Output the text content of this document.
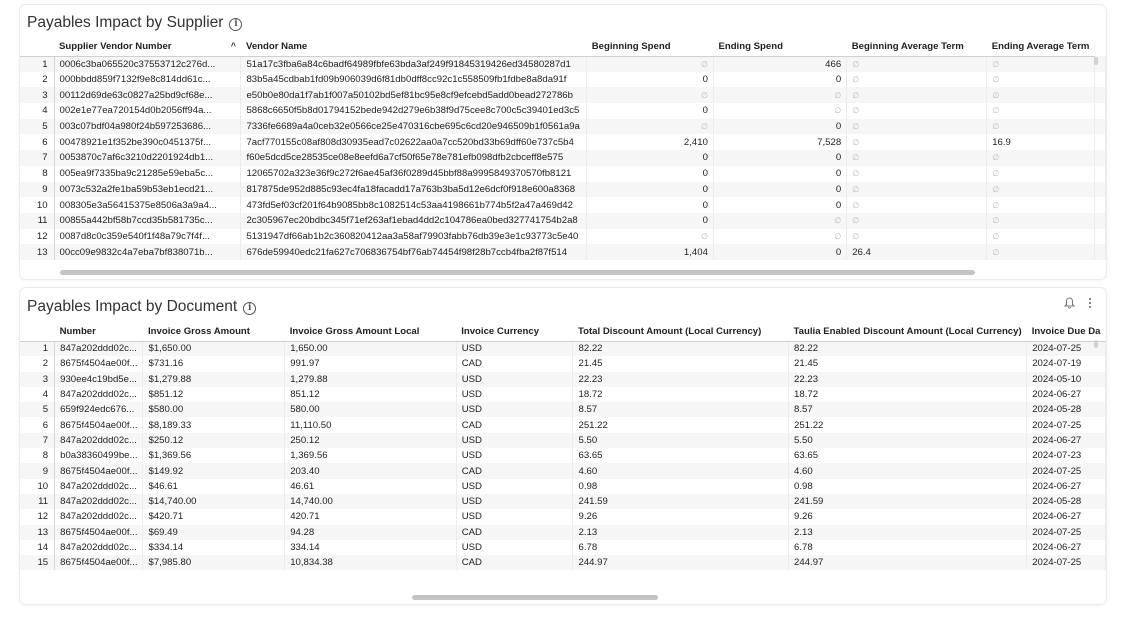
Payables Impact by Supplier i
	Supplier Vendor Number ^	Vendor Name	Beginning Spend	Ending Spend	Beginning Average Term	Ending Average Term	
1	0006c3ba065520c37553712c276d...	51a17c3fba6a84c6badf64989fbfe63bda3af249f91845319426ed34580287d1	∅	466	∅	∅	
2	000bbdd859f7132f9e8c814dd61c...	83b5a45cdbab1fd09b906039d6f81db0dff8cc92c1c558509fb1fdbe8a8da91f	0	0	∅	∅	
3	00112d69de63c0827a25bd9cf68e...	e50b0e80da1f7ab1f007a50102bd5ef81bc95e8cf9efcebd5add0bead272786b	∅	∅	∅	∅	
4	002e1e77ea720154d0b2056ff94a...	5868c6650f5b8d01794152bede942d279e6b38f9d75cee8c700c5c39401ed3c5	0	∅	∅	∅	
5	003c07bdf04a980f24b597253686...	7336fe6689a4a0ceb32e0566ce25e470316cbe695c6cd20e946509b1f0561a9a	∅	0	∅	∅	
6	00478921e1f352be390c0451375f...	7acf770155c08af808d30935ead7c02622aa0a7cc520bd33b69dff60e737c5b4	2,410	7,528	∅	16.9	
7	0053870c7af6c3210d2201924db1...	f60e5dcd5ce28535ce08e8eefd6a7cf50f65e78e781efb098dfb2cbceff8e575	0	0	∅	∅	
8	005ea9f7335ba9c21285e59eba5c...	12065702a323e36f9c272f6ae45af36f0289d45bbf88a9995849370570fb8121	0	0	∅	∅	
9	0073c532a2fe1ba59b53eb1ecd21...	817875de952d885c93ec4fa18facadd17a763b3ba5d12e6dcf0f918e600a8368	0	0	∅	∅	
10	008305e3a56415375e8506a3a9a4...	473fd5ef03cf201f64b9085bb8c1082514c53aa4198661b774b5f2a47a469d42	0	0	∅	∅	
11	00855a442bf58b7ccd35b581735c...	2c305967ec20bdbc345f71ef263af1ebad4dd2c104786ea0bed327741754b2a8	0	∅	∅	∅	
12	0087d8c0c359e540f1f48a79c7f4f...	5131947df66ab1b2c360820412aa3a58af79903fabb76db39e3e1c93773c5e40	∅	∅	∅	∅	
13	00cc09e9832c4a7eba7bf838071b...	676de59940edc21fa627c706836754bf76ab74454f98f28b7ccb4fba2f87f514	1,404	0	26.4	∅	
Payables Impact by Document i

	Number	Invoice Gross Amount	Invoice Gross Amount Local	Invoice Currency	Total Discount Amount (Local Currency)	Taulia Enabled Discount Amount (Local Currency)	Invoice Due Da
1	847a202ddd02c...	$1,650.00	1,650.00	USD	82.22	82.22	2024-07-25
2	8675f4504ae00f...	$731.16	991.97	CAD	21.45	21.45	2024-07-19
3	930ee4c19bd5e...	$1,279.88	1,279.88	USD	22.23	22.23	2024-05-10
4	847a202ddd02c...	$851.12	851.12	USD	18.72	18.72	2024-06-27
5	659f924edc676...	$580.00	580.00	USD	8.57	8.57	2024-05-28
6	8675f4504ae00f...	$8,189.33	11,110.50	CAD	251.22	251.22	2024-07-25
7	847a202ddd02c...	$250.12	250.12	USD	5.50	5.50	2024-06-27
8	b0a38360499be...	$1,369.56	1,369.56	USD	63.65	63.65	2024-07-23
9	8675f4504ae00f...	$149.92	203.40	CAD	4.60	4.60	2024-07-25
10	847a202ddd02c...	$46.61	46.61	USD	0.98	0.98	2024-06-27
11	847a202ddd02c...	$14,740.00	14,740.00	USD	241.59	241.59	2024-05-28
12	847a202ddd02c...	$420.71	420.71	USD	9.26	9.26	2024-06-27
13	8675f4504ae00f...	$69.49	94.28	CAD	2.13	2.13	2024-07-25
14	847a202ddd02c...	$334.14	334.14	USD	6.78	6.78	2024-06-27
15	8675f4504ae00f...	$7,985.80	10,834.38	CAD	244.97	244.97	2024-07-25
